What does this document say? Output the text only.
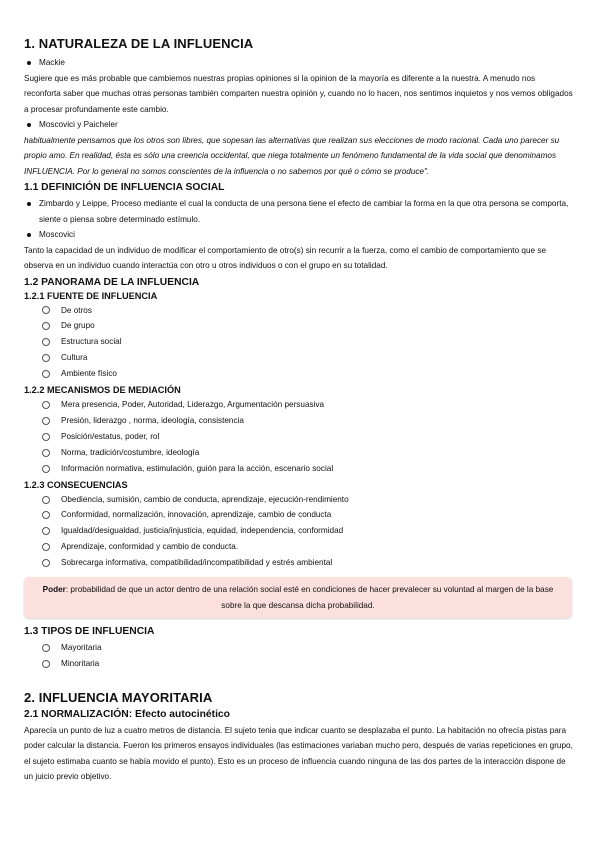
1. NATURALEZA DE LA INFLUENCIA
Mackie

Sugiere que es más probable que cambiemos nuestras propias opiniones si la opinion de la mayoría es diferente a la nuestra. A menudo nos reconforta saber que muchas otras personas también comparten nuestra opinión y, cuando no lo hacen, nos sentimos inquietos y nos vemos obligados a procesar profundamente este cambio.

Moscovici y Paicheler

habitualmente pensamos que los otros son libres, que sopesan las alternativas que realizan sus elecciones de modo racional. Cada uno parecer su propio amo. En realidad, ésta es sólo una creencia occidental, que niega totalmente un fenómeno fundamental de la vida social que denominamos INFLUENCIA. Por lo general no somos conscientes de la influencia o no sabemos por qué o cómo se produce".

1.1 DEFINICIÓN DE INFLUENCIA SOCIAL
Zimbardo y Leippe, Proceso mediante el cual la conducta de una persona tiene el efecto de cambiar la forma en la que otra persona se comporta, siente o piensa sobre determinado estímulo.
Moscovici

Tanto la capacidad de un individuo de modificar el comportamiento de otro(s) sin recurrir a la fuerza, como el cambio de comportamiento que se observa en un individuo cuando interactúa con otro u otros individuos o con el grupo en su totalidad.

1.2 PANORAMA DE LA INFLUENCIA
1.2.1 FUENTE DE INFLUENCIA
De otros
De grupo
Estructura social
Cultura
Ambiente físico
1.2.2 MECANISMOS DE MEDIACIÓN
Mera presencia, Poder, Autoridad, Liderazgo, Argumentación persuasiva
Presión, liderazgo , norma, ideología, consistencia
Posición/estatus, poder, rol
Norma, tradición/costumbre, ideología
Información normativa, estimulación, guión para la acción, escenario social
1.2.3 CONSECUENCIAS
Obediencia, sumisión, cambio de conducta, aprendizaje, ejecución-rendimiento
Conformidad, normalización, innovación, aprendizaje, cambio de conducta
Igualdad/desigualdad, justicia/injusticia, equidad, independencia, conformidad
Aprendizaje, conformidad y cambio de conducta.
Sobrecarga informativa, compatibilidad/incompatibilidad y estrés ambiental
Poder: probabilidad de que un actor dentro de una relación social esté en condiciones de hacer prevalecer su voluntad al margen de la base sobre la que descansa dicha probabilidad.
1.3 TIPOS DE INFLUENCIA
Mayoritaria
Minoritaria
2. INFLUENCIA MAYORITARIA
2.1 NORMALIZACIÓN: Efecto autocinético

Aparecía un punto de luz a cuatro metros de distancia. El sujeto tenia que indicar cuanto se desplazaba el punto. La habitación no ofrecía pistas para poder calcular la distancia. Fueron los primeros ensayos individuales (las estimaciones variaban mucho pero, después de varias repeticiones en grupo, el sujeto estimaba cuanto se había movido el punto). Esto es un proceso de influencia cuando ninguna de las dos partes de la interacción dispone de un juicio previo objetivo.
